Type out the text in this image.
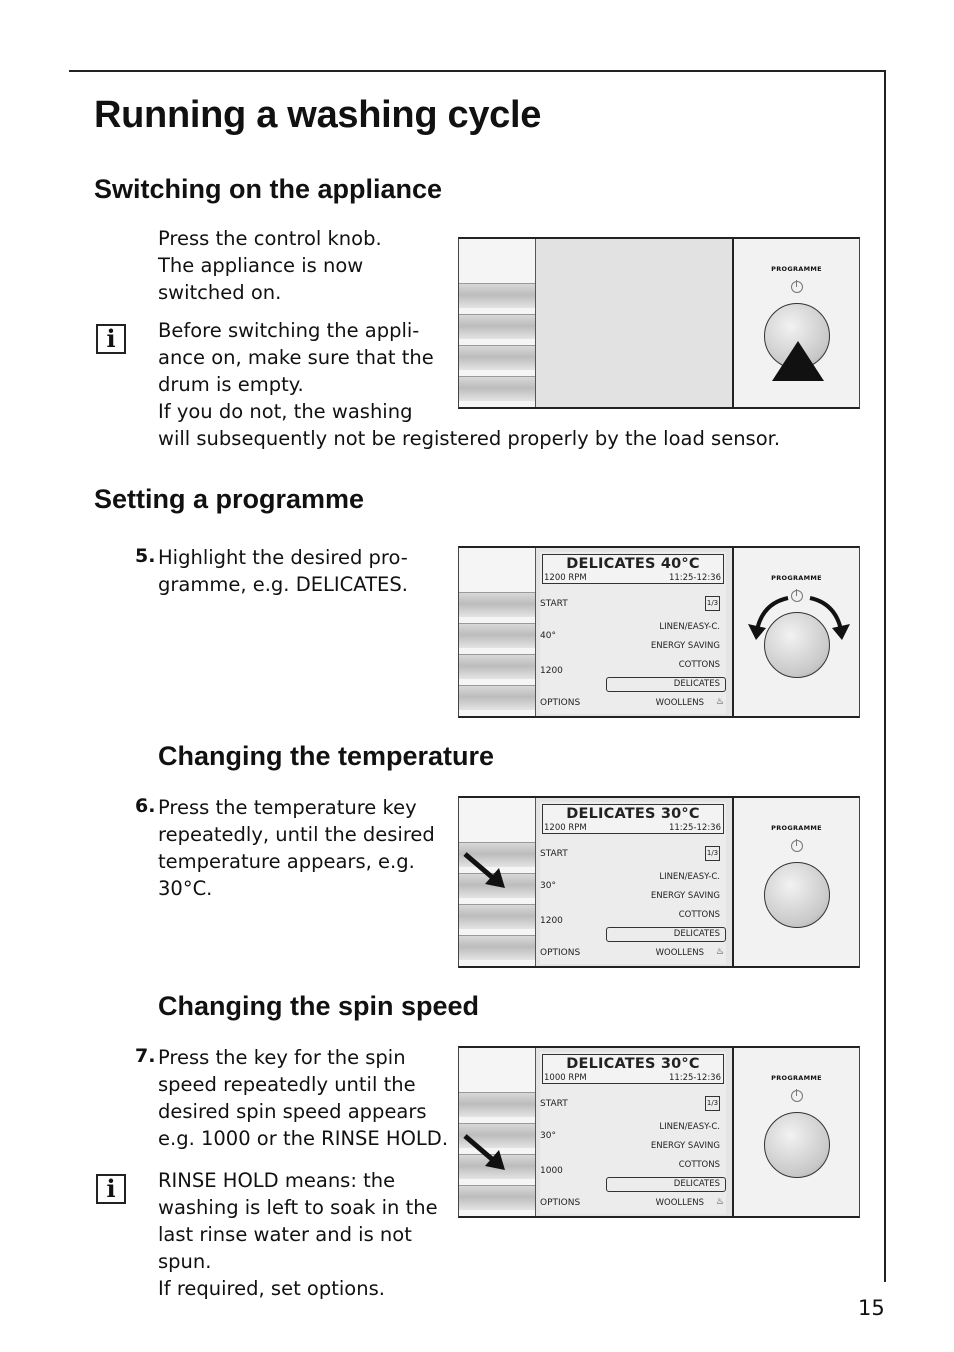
Running a washing cycle
Switching on the appliance
Press the control knob.
The appliance is now
switched on.
i	Before switching the appli-
ance on, make sure that the
drum is empty.
If you do not, the washing
will subsequently not be registered properly by the load sensor.
PROGRAMME
Setting a programme
5. Highlight the desired pro-
gramme, e.g. DELICATES.
DELICATES 40°C
1200 RPM	11:25-12:36
START	1/3
40°
1200
OPTIONS
LINEN/EASY-C.
ENERGY SAVING
COTTONS
DELICATES
WOOLLENS ♨
PROGRAMME
Changing the temperature
6. Press the temperature key
repeatedly, until the desired
temperature appears, e.g.
30°C.
DELICATES 30°C
1200 RPM	11:25-12:36
START	1/3
30°
1200
OPTIONS
LINEN/EASY-C.
ENERGY SAVING
COTTONS
DELICATES
WOOLLENS ♨
PROGRAMME
Changing the spin speed
7. Press the key for the spin
speed repeatedly until the
desired spin speed appears
e.g. 1000 or the RINSE HOLD.
i	RINSE HOLD means: the
washing is left to soak in the
last rinse water and is not
spun.
If required, set options.
DELICATES 30°C
1000 RPM	11:25-12:36
START	1/3
30°
1000
OPTIONS
LINEN/EASY-C.
ENERGY SAVING
COTTONS
DELICATES
WOOLLENS ♨
PROGRAMME
15
